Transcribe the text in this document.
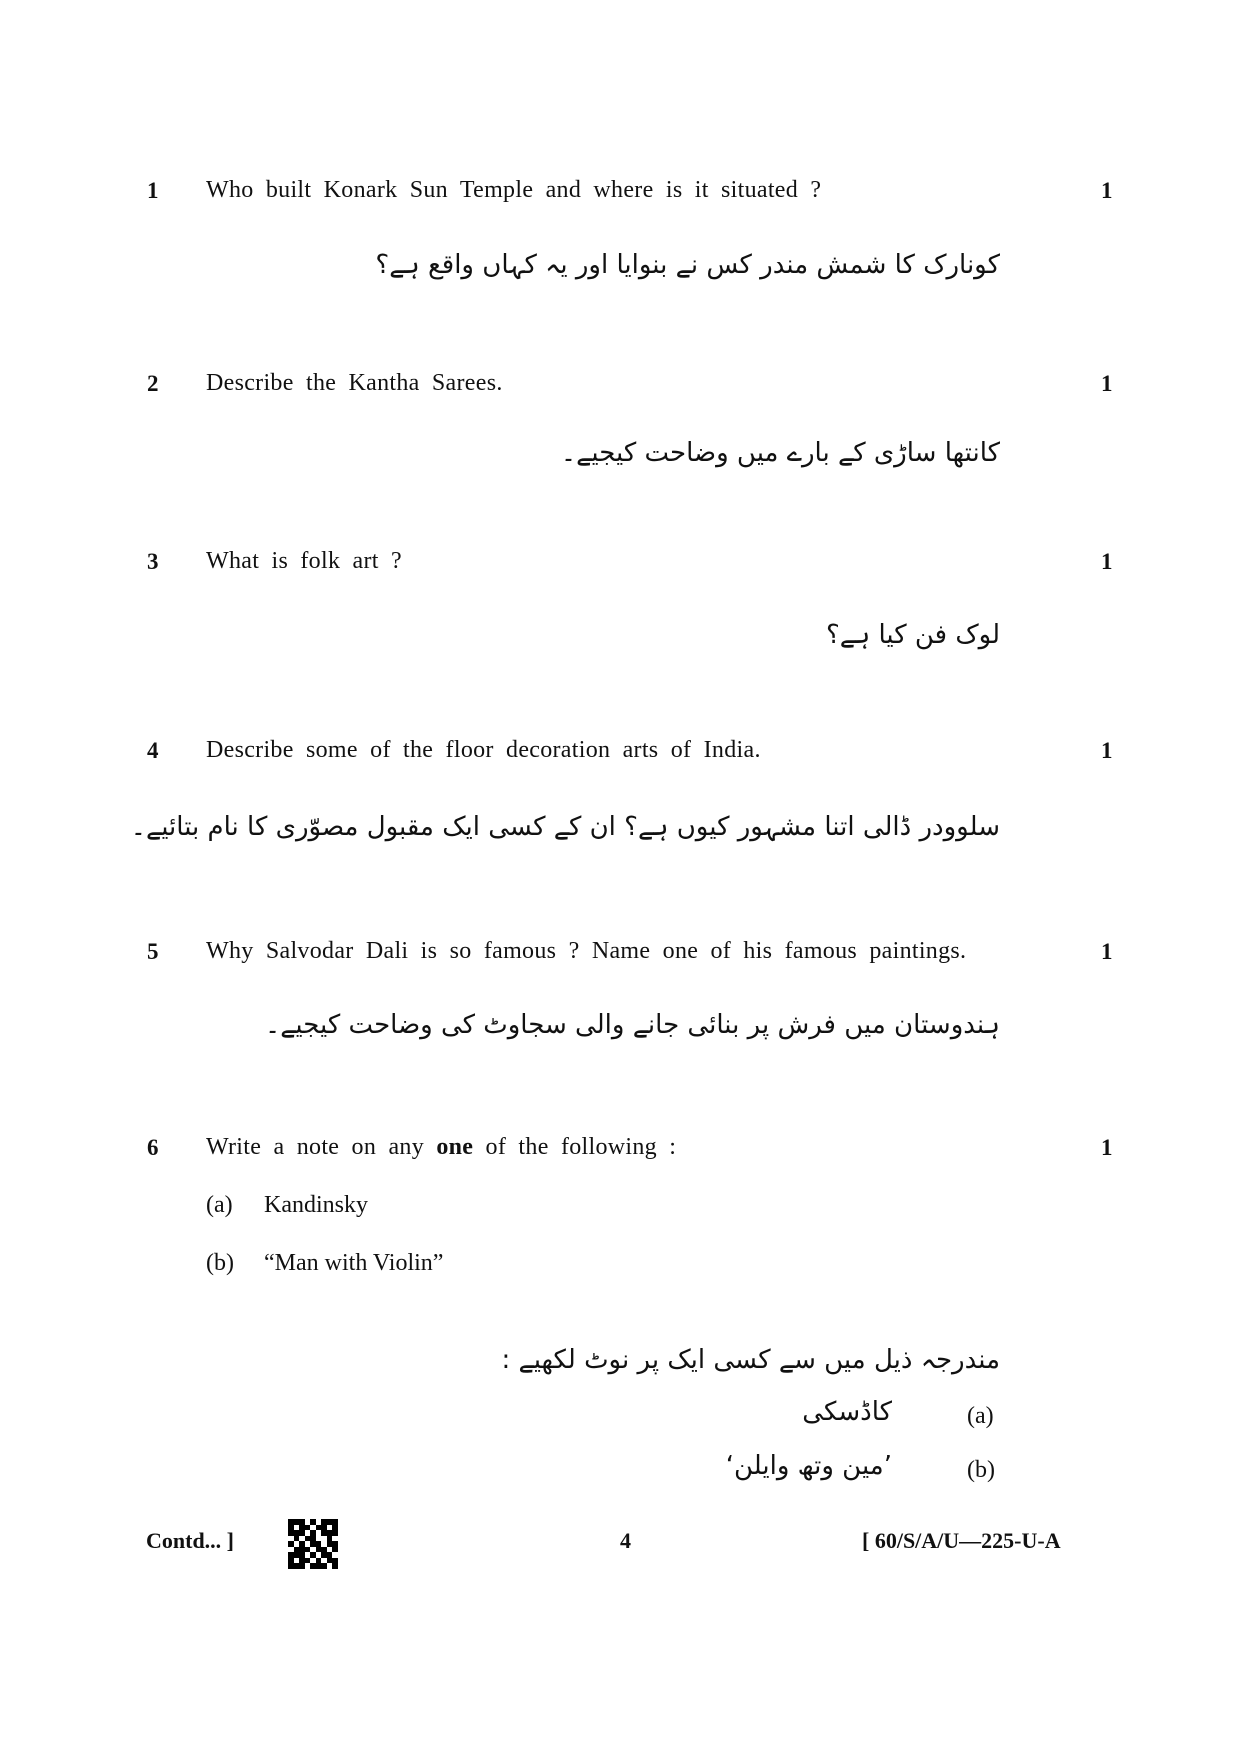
1 Who built Konark Sun Temple and where is it situated ?	1
کونارک کا شمش مندر کس نے بنوایا اور یہ کہاں واقع ہے؟
2 Describe the Kantha Sarees.	1
کانتھا ساڑی کے بارے میں وضاحت کیجیے۔
3 What is folk art ?	1
لوک فن کیا ہے؟
4 Describe some of the floor decoration arts of India.	1
سلوودر ڈالی اتنا مشہور کیوں ہے؟ ان کے کسی ایک مقبول مصوّری کا نام بتائیے۔
5 Why Salvodar Dali is so famous ? Name one of his famous paintings.	1
ہندوستان میں فرش پر بنائی جانے والی سجاوٹ کی وضاحت کیجیے۔
6 Write a note on any one of the following :	1
(a) Kandinsky
(b) “Man with Violin”
مندرجہ ذیل میں سے کسی ایک پر نوٹ لکھیے :
کاڈسکی	(a)
’مین وتھ وایلن‘	(b)
Contd... ]	4	[ 60/S/A/U—225-U-A
